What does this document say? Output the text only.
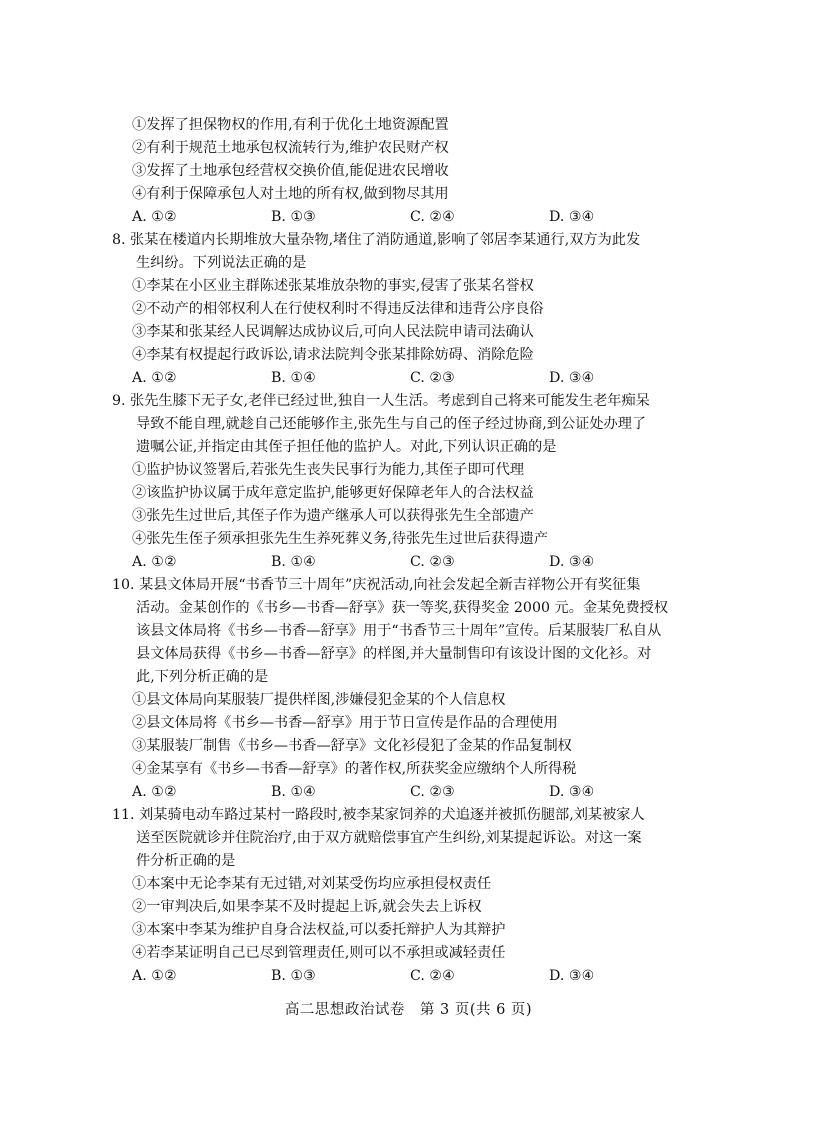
①发挥了担保物权的作用,有利于优化土地资源配置
②有利于规范土地承包权流转行为,维护农民财产权
③发挥了土地承包经营权交换价值,能促进农民增收
④有利于保障承包人对土地的所有权,做到物尽其用
A. ①②	B. ①③	C. ②④	D. ③④
8. 张某在楼道内长期堆放大量杂物,堵住了消防通道,影响了邻居李某通行,双方为此发
生纠纷。下列说法正确的是
①李某在小区业主群陈述张某堆放杂物的事实,侵害了张某名誉权
②不动产的相邻权利人在行使权利时不得违反法律和违背公序良俗
③李某和张某经人民调解达成协议后,可向人民法院申请司法确认
④李某有权提起行政诉讼,请求法院判令张某排除妨碍、消除危险
A. ①②	B. ①④	C. ②③	D. ③④
9. 张先生膝下无子女,老伴已经过世,独自一人生活。考虑到自己将来可能发生老年痴呆
导致不能自理,就趁自己还能够作主,张先生与自己的侄子经过协商,到公证处办理了
遗嘱公证,并指定由其侄子担任他的监护人。对此,下列认识正确的是
①监护协议签署后,若张先生丧失民事行为能力,其侄子即可代理
②该监护协议属于成年意定监护,能够更好保障老年人的合法权益
③张先生过世后,其侄子作为遗产继承人可以获得张先生全部遗产
④张先生侄子须承担张先生生养死葬义务,待张先生过世后获得遗产
A. ①②	B. ①④	C. ②③	D. ③④
10. 某县文体局开展“书香节三十周年”庆祝活动,向社会发起全新吉祥物公开有奖征集
活动。金某创作的《书乡—书香—舒享》获一等奖,获得奖金 2000 元。金某免费授权
该县文体局将《书乡—书香—舒享》用于“书香节三十周年”宣传。后某服装厂私自从
县文体局获得《书乡—书香—舒享》的样图,并大量制售印有该设计图的文化衫。对
此,下列分析正确的是
①县文体局向某服装厂提供样图,涉嫌侵犯金某的个人信息权
②县文体局将《书乡—书香—舒享》用于节日宣传是作品的合理使用
③某服装厂制售《书乡—书香—舒享》文化衫侵犯了金某的作品复制权
④金某享有《书乡—书香—舒享》的著作权,所获奖金应缴纳个人所得税
A. ①②	B. ①④	C. ②③	D. ③④
11. 刘某骑电动车路过某村一路段时,被李某家饲养的犬追逐并被抓伤腿部,刘某被家人
送至医院就诊并住院治疗,由于双方就赔偿事宜产生纠纷,刘某提起诉讼。对这一案
件分析正确的是
①本案中无论李某有无过错,对刘某受伤均应承担侵权责任
②一审判决后,如果李某不及时提起上诉,就会失去上诉权
③本案中李某为维护自身合法权益,可以委托辩护人为其辩护
④若李某证明自己已尽到管理责任,则可以不承担或减轻责任
A. ①②	B. ①③	C. ②④	D. ③④
高二思想政治试卷　第 3 页(共 6 页)
